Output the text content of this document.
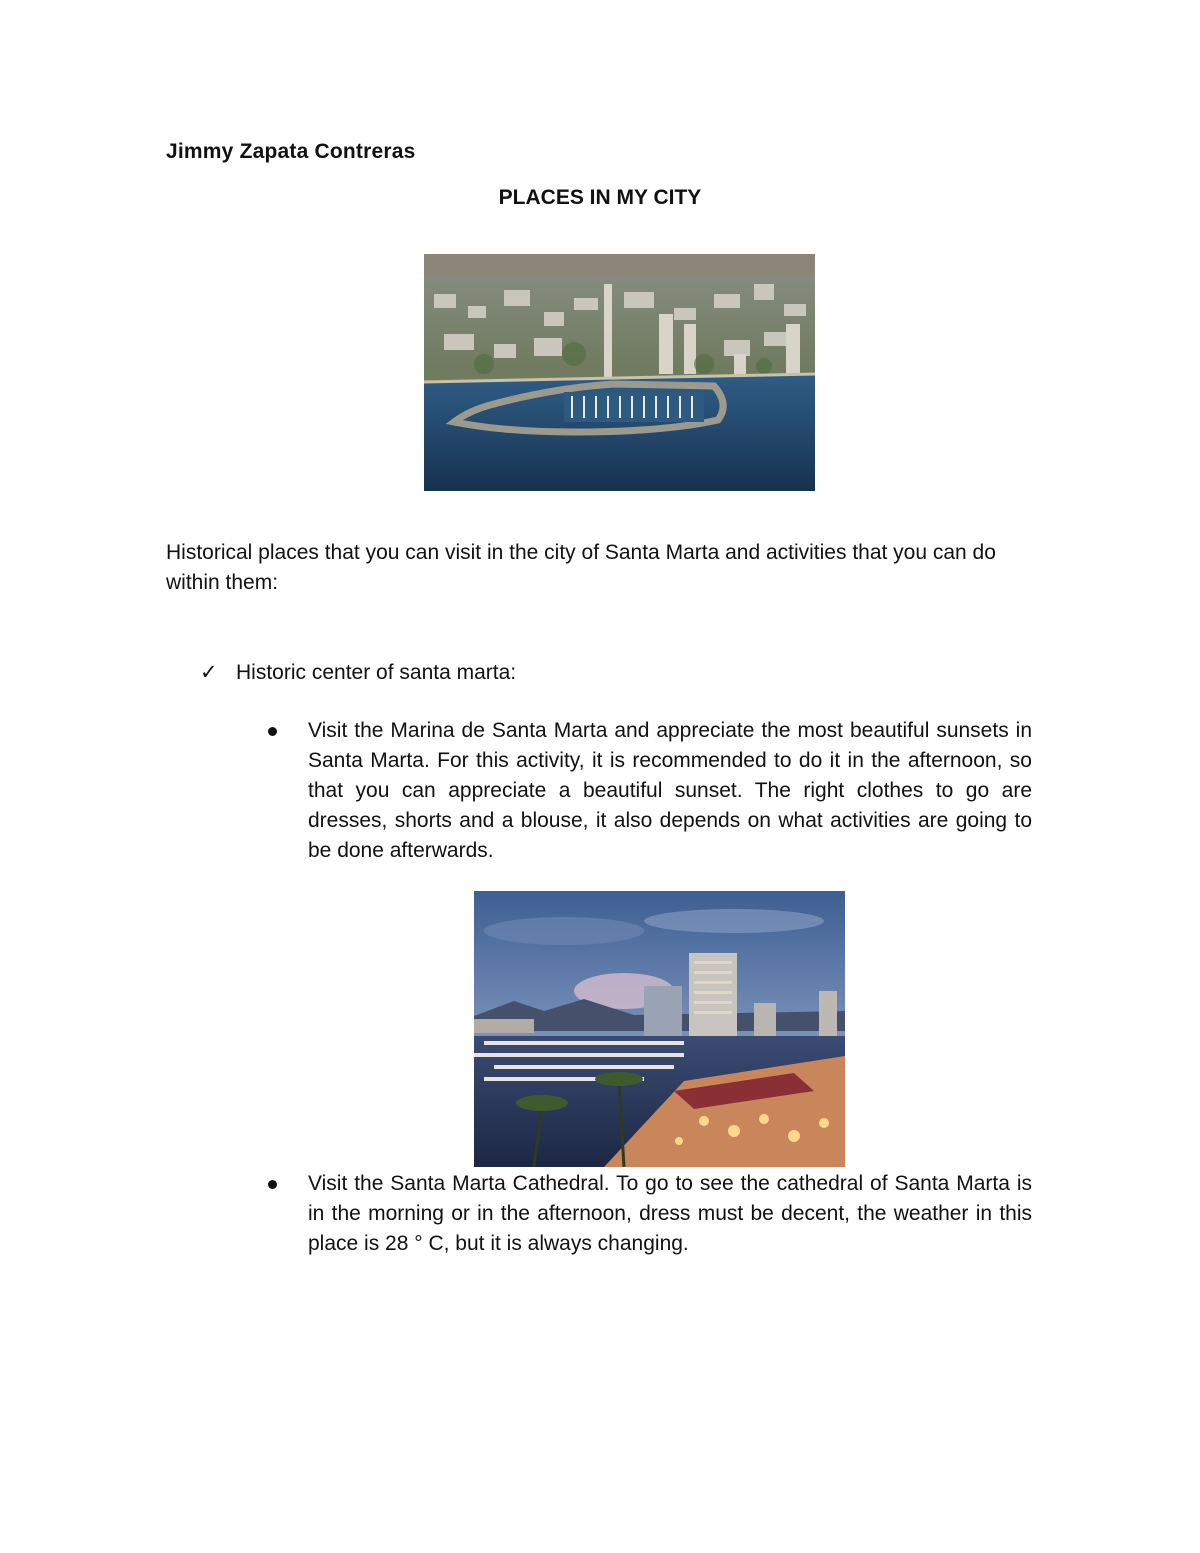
Jimmy Zapata Contreras
PLACES IN MY CITY

Historical places that you can visit in the city of Santa Marta and activities that you can do within them:

✓ Historic center of santa marta:

Visit the Marina de Santa Marta and appreciate the most beautiful sunsets in Santa Marta. For this activity, it is recommended to do it in the afternoon, so that you can appreciate a beautiful sunset. The right clothes to go are dresses, shorts and a blouse, it also depends on what activities are going to be done afterwards.

Visit the Santa Marta Cathedral. To go to see the cathedral of Santa Marta is in the morning or in the afternoon, dress must be decent, the weather in this place is 28 ° C, but it is always changing.
